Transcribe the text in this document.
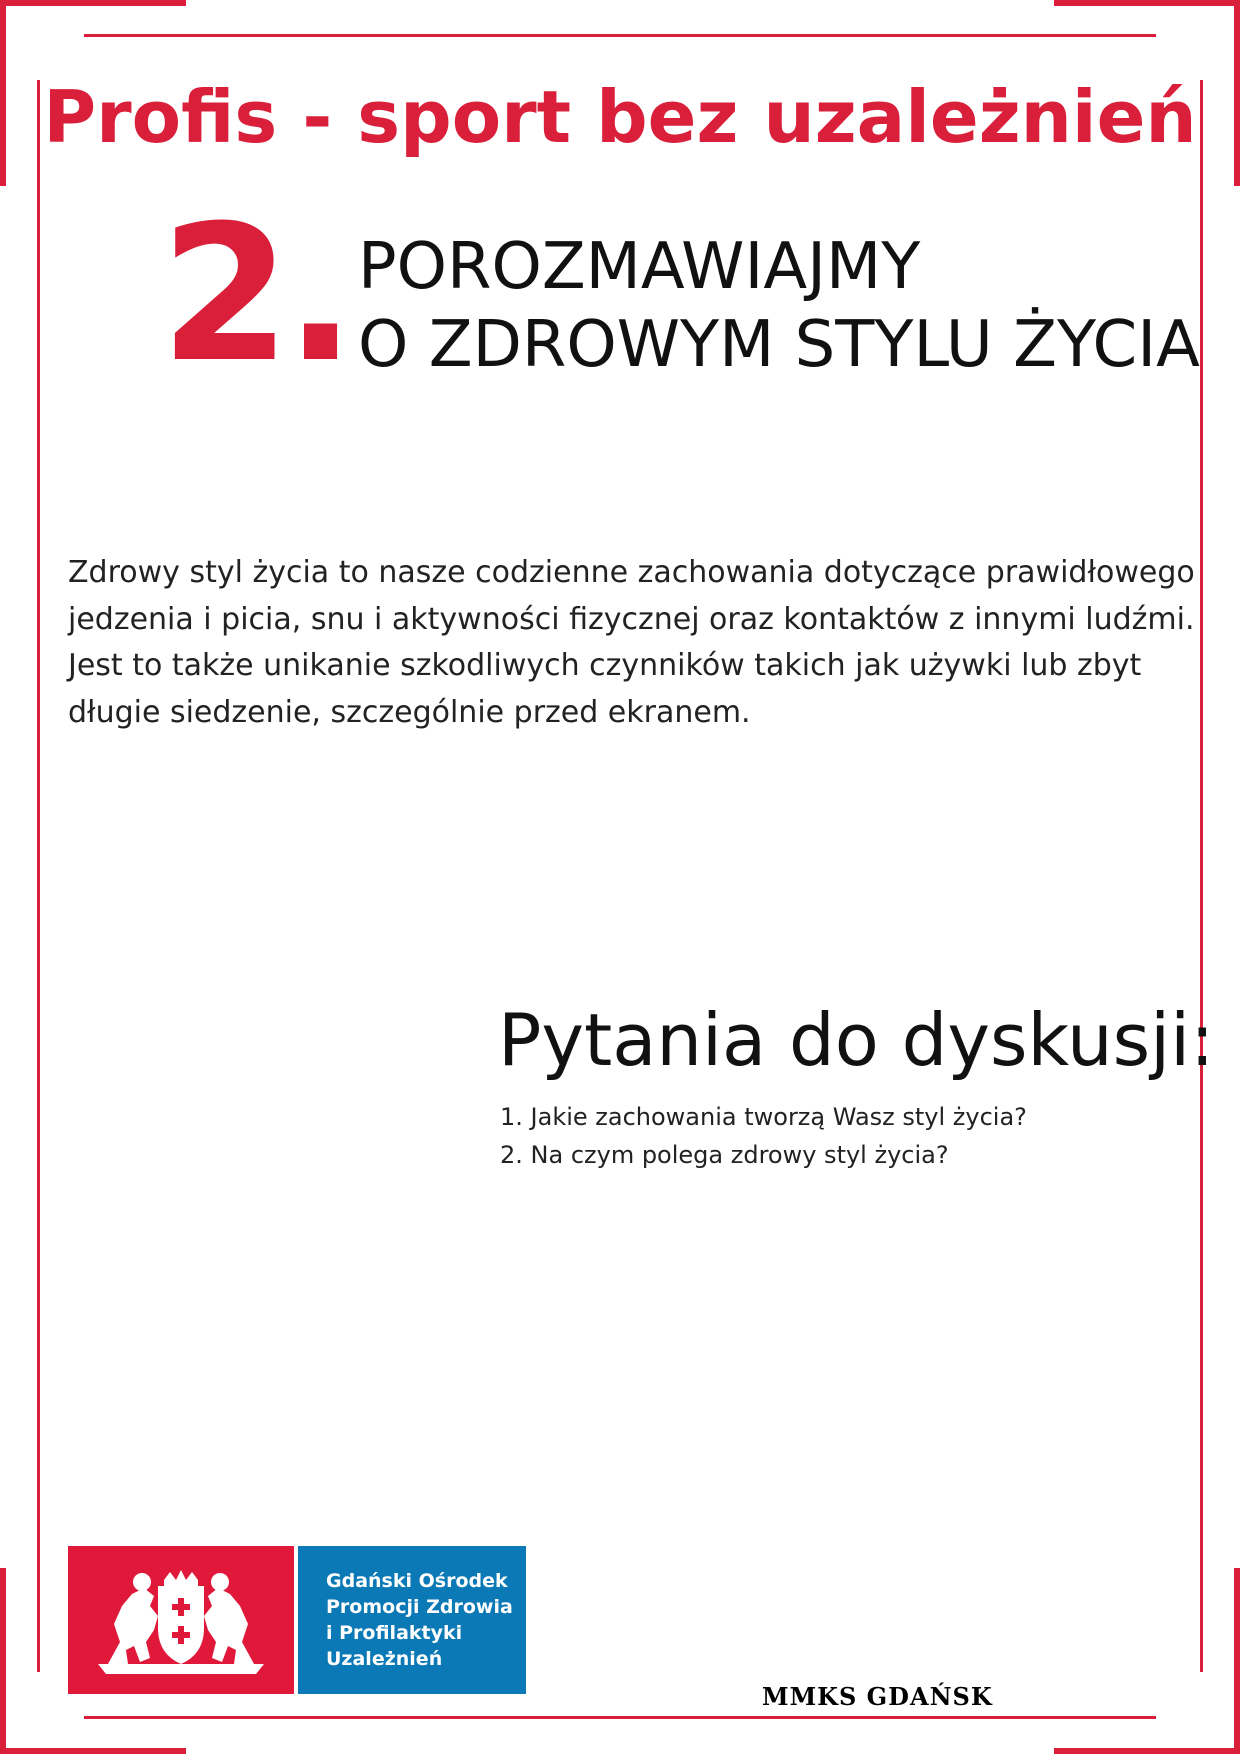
Profis - sport bez uzależnień
2. POROZMAWIAJMY
O ZDROWYM STYLU ŻYCIA
Zdrowy styl życia to nasze codzienne zachowania dotyczące prawidłowego jedzenia i picia, snu i aktywności fizycznej oraz kontaktów z innymi ludźmi. Jest to także unikanie szkodliwych czynników takich jak używki lub zbyt długie siedzenie, szczególnie przed ekranem.
Pytania do dyskusji:
1. Jakie zachowania tworzą Wasz styl życia?
2. Na czym polega zdrowy styl życia?
Gdański Ośrodek
Promocji Zdrowia
i Profilaktyki
Uzależnień
MMKS GDAŃSK
